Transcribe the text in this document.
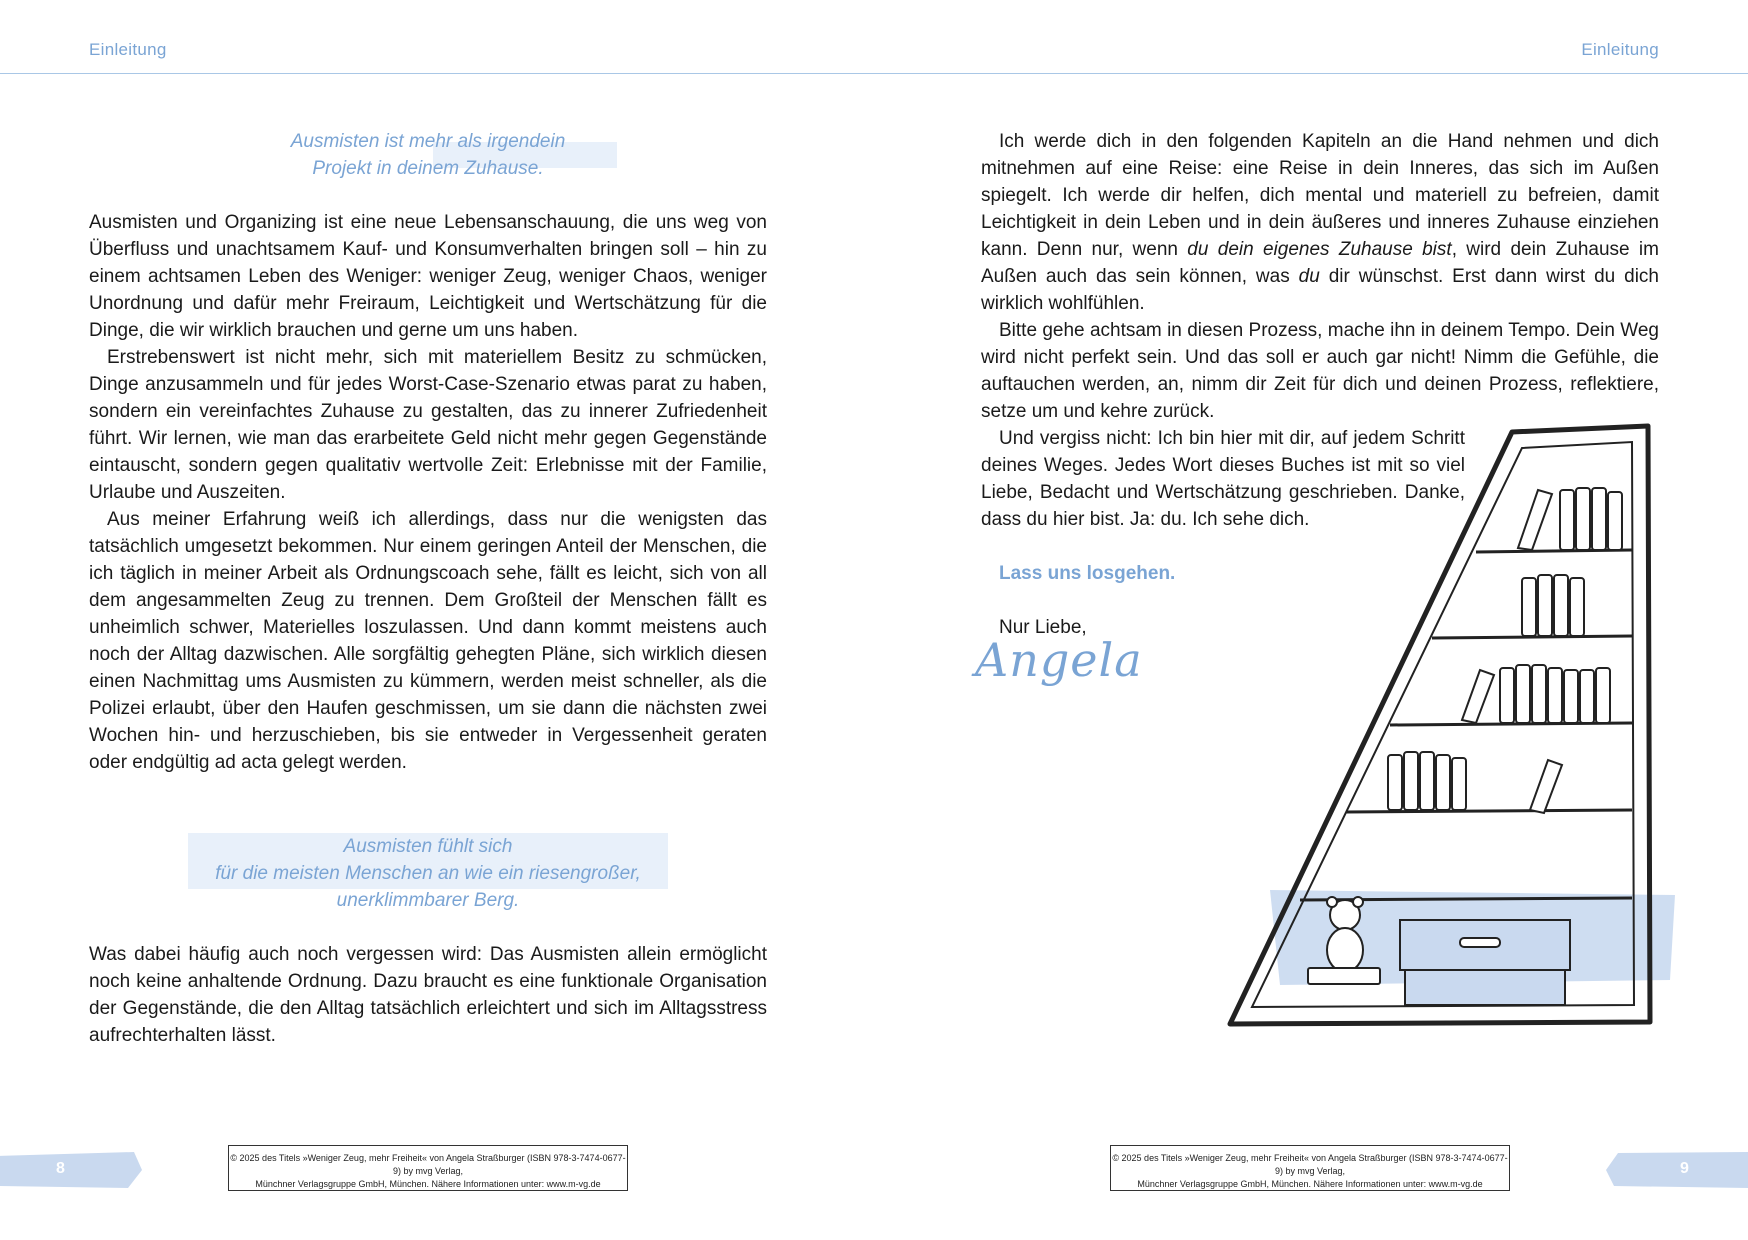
Einleitung	Einleitung

Ausmisten ist mehr als irgendein
Projekt in deinem Zuhause.

Ausmisten und Organizing ist eine neue Lebensanschauung, die uns weg von Überfluss und unachtsamem Kauf- und Konsumverhalten bringen soll – hin zu einem achtsamen Leben des Weniger: weniger Zeug, weniger Chaos, weniger Unordnung und dafür mehr Freiraum, Leichtigkeit und Wertschätzung für die Dinge, die wir wirklich brauchen und gerne um uns haben.

Erstrebenswert ist nicht mehr, sich mit materiellem Besitz zu schmücken, Dinge anzusammeln und für jedes Worst-Case-Szenario etwas parat zu haben, sondern ein vereinfachtes Zuhause zu gestalten, das zu innerer Zufriedenheit führt. Wir lernen, wie man das erarbeitete Geld nicht mehr gegen Gegenstände eintauscht, sondern gegen qualitativ wertvolle Zeit: Erlebnisse mit der Familie, Urlaube und Auszeiten.

Aus meiner Erfahrung weiß ich allerdings, dass nur die wenigsten das tatsächlich umgesetzt bekommen. Nur einem geringen Anteil der Menschen, die ich täglich in meiner Arbeit als Ordnungscoach sehe, fällt es leicht, sich von all dem angesammelten Zeug zu trennen. Dem Großteil der Menschen fällt es unheimlich schwer, Materielles loszulassen. Und dann kommt meistens auch noch der Alltag dazwischen. Alle sorgfältig gehegten Pläne, sich wirklich diesen einen Nachmittag ums Ausmisten zu kümmern, werden meist schneller, als die Polizei erlaubt, über den Haufen geschmissen, um sie dann die nächsten zwei Wochen hin- und herzuschieben, bis sie entweder in Vergessenheit geraten oder endgültig ad acta gelegt werden.

Ausmisten fühlt sich
für die meisten Menschen an wie ein riesengroßer,
unerklimmbarer Berg.

Was dabei häufig auch noch vergessen wird: Das Ausmisten allein ermöglicht noch keine anhaltende Ordnung. Dazu braucht es eine funktionale Organisation der Gegenstände, die den Alltag tatsächlich erleichtert und sich im Alltagsstress aufrechterhalten lässt.

Ich werde dich in den folgenden Kapiteln an die Hand nehmen und dich mitnehmen auf eine Reise: eine Reise in dein Inneres, das sich im Außen spiegelt. Ich werde dir helfen, dich mental und materiell zu befreien, damit Leichtigkeit in dein Leben und in dein äußeres und inneres Zuhause einziehen kann. Denn nur, wenn du dein eigenes Zuhause bist, wird dein Zuhause im Außen auch das sein können, was du dir wünschst. Erst dann wirst du dich wirklich wohlfühlen.

Bitte gehe achtsam in diesen Prozess, mache ihn in deinem Tempo. Dein Weg wird nicht perfekt sein. Und das soll er auch gar nicht! Nimm die Gefühle, die auftauchen werden, an, nimm dir Zeit für dich und deinen Prozess, reflektiere, setze um und kehre zurück.

Und vergiss nicht: Ich bin hier mit dir, auf jedem Schritt deines Weges. Jedes Wort dieses Buches ist mit so viel Liebe, Bedacht und Wertschätzung geschrieben. Danke, dass du hier bist. Ja: du. Ich sehe dich.

Lass uns losgehen.

Nur Liebe,

Angela
8
© 2025 des Titels »Weniger Zeug, mehr Freiheit« von Angela Straßburger (ISBN 978-3-7474-0677-9) by mvg Verlag,
Münchner Verlagsgruppe GmbH, München. Nähere Informationen unter: www.m-vg.de
© 2025 des Titels »Weniger Zeug, mehr Freiheit« von Angela Straßburger (ISBN 978-3-7474-0677-9) by mvg Verlag,
Münchner Verlagsgruppe GmbH, München. Nähere Informationen unter: www.m-vg.de
9
